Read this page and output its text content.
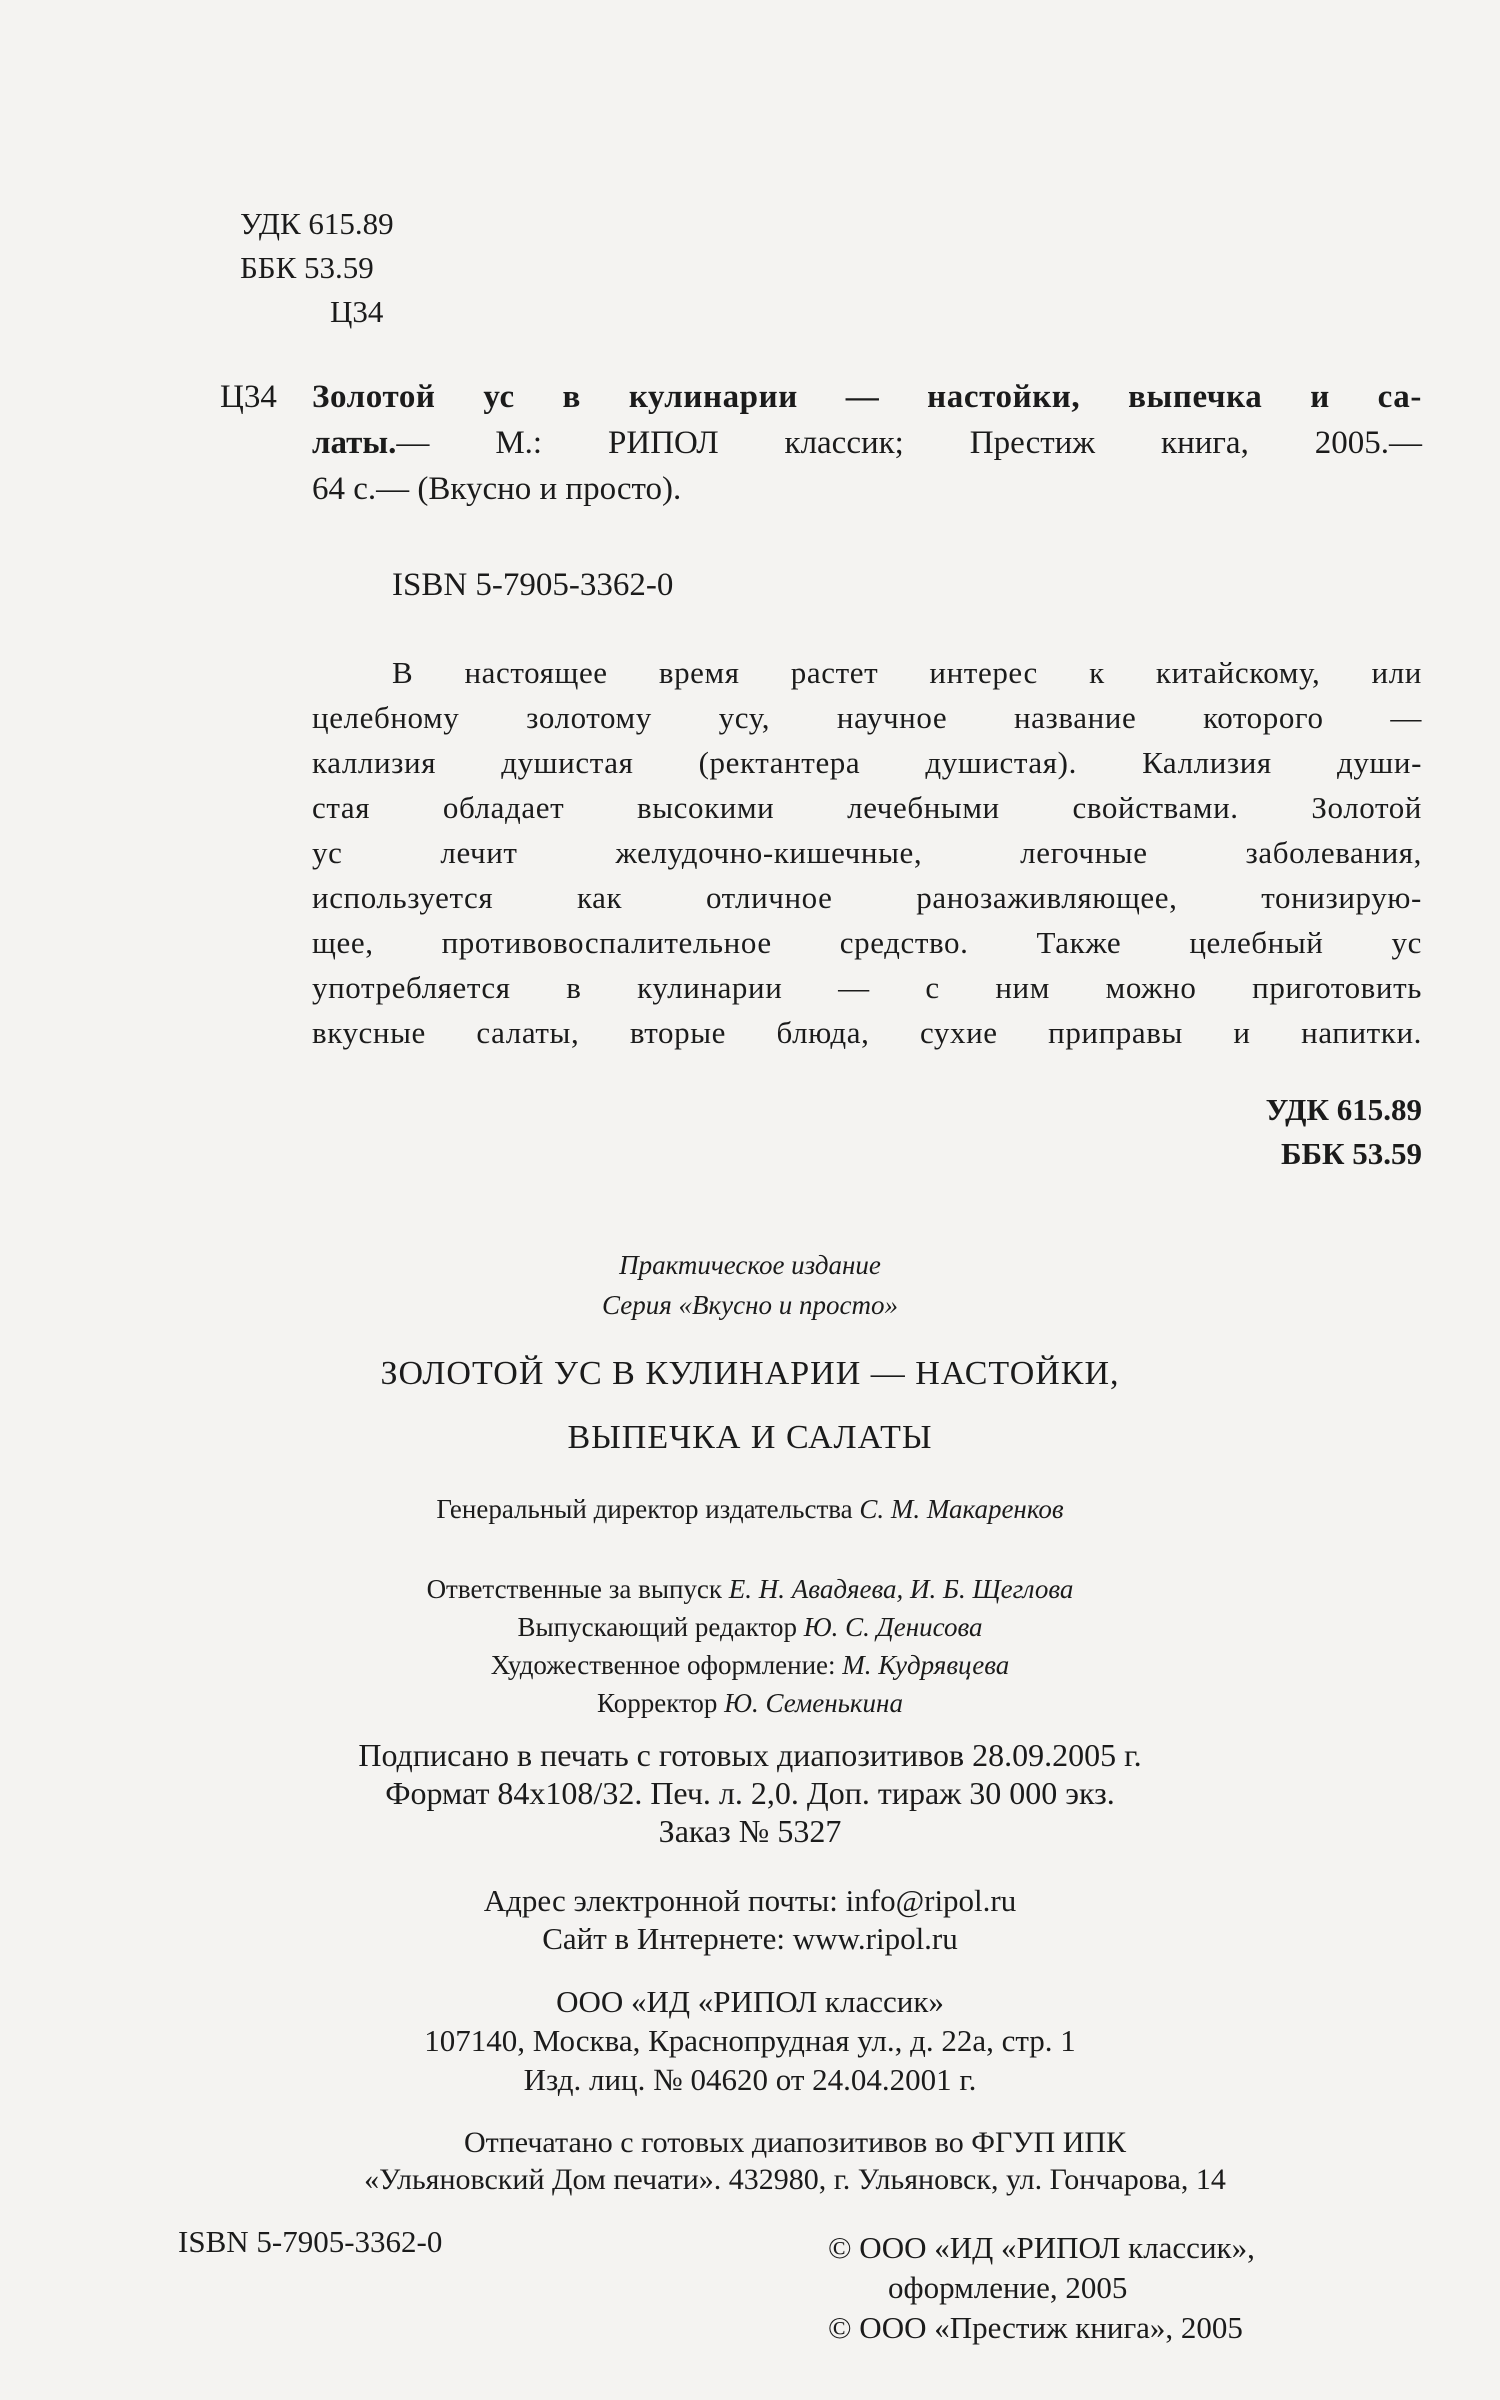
УДК 615.89
ББК 53.59
Ц34
Ц34 Золотой ус в кулинарии — настойки, выпечка и са-
латы.— М.: РИПОЛ классик; Престиж книга, 2005.—
64 с.— (Вкусно и просто).
ISBN 5-7905-3362-0
В настоящее время растет интерес к китайскому, или
целебному золотому усу, научное название которого —
каллизия душистая (ректантера душистая). Каллизия души-
стая обладает высокими лечебными свойствами. Золотой
ус лечит желудочно-кишечные, легочные заболевания,
используется как отличное ранозаживляющее, тонизирую-
щее, противовоспалительное средство. Также целебный ус
употребляется в кулинарии — с ним можно приготовить
вкусные салаты, вторые блюда, сухие приправы и напитки.
УДК 615.89
ББК 53.59
Практическое издание
Серия «Вкусно и просто»
ЗОЛОТОЙ УС В КУЛИНАРИИ — НАСТОЙКИ,
ВЫПЕЧКА И САЛАТЫ
Генеральный директор издательства С. М. Макаренков
Ответственные за выпуск Е. Н. Авадяева, И. Б. Щеглова
Выпускающий редактор Ю. С. Денисова
Художественное оформление: М. Кудрявцева
Корректор Ю. Семенькина
Подписано в печать с готовых диапозитивов 28.09.2005 г.
Формат 84x108/32. Печ. л. 2,0. Доп. тираж 30 000 экз.
Заказ № 5327
Адрес электронной почты: info@ripol.ru
Сайт в Интернете: www.ripol.ru
ООО «ИД «РИПОЛ классик»
107140, Москва, Краснопрудная ул., д. 22а, стр. 1
Изд. лиц. № 04620 от 24.04.2001 г.
Отпечатано с готовых диапозитивов во ФГУП ИПК
«Ульяновский Дом печати». 432980, г. Ульяновск, ул. Гончарова, 14
ISBN 5-7905-3362-0	© ООО «ИД «РИПОЛ классик»,
оформление, 2005
© ООО «Престиж книга», 2005
